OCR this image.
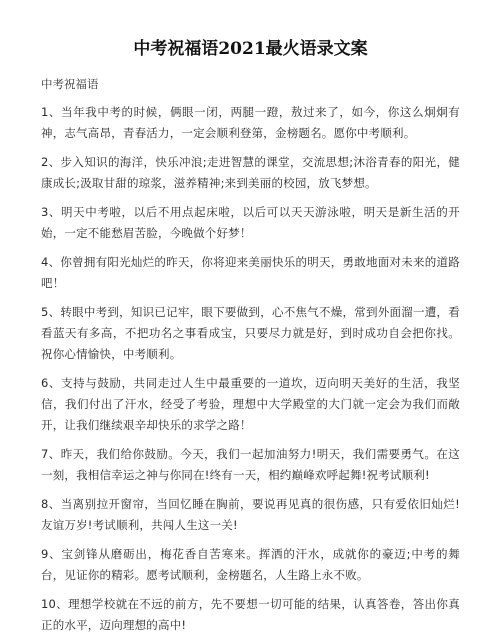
中考祝福语2021最火语录文案
中考祝福语

1、当年我中考的时候，俩眼一闭，两腿一蹬，敖过来了，如今，你这么炯炯有神，志气高昂，青春活力，一定会顺利登第，金榜题名。愿你中考顺利。

2、步入知识的海洋，快乐冲浪;走进智慧的课堂，交流思想;沐浴青春的阳光，健康成长;汲取甘甜的琼浆，滋养精神;来到美丽的校园，放飞梦想。

3、明天中考啦，以后不用点起床啦，以后可以天天游泳啦，明天是新生活的开始，一定不能愁眉苦脸，今晚做个好梦！

4、你曾拥有阳光灿烂的昨天，你将迎来美丽快乐的明天，勇敢地面对未来的道路吧！

5、转眼中考到，知识已记牢，眼下要做到，心不焦气不燥，常到外面溜一遭，看看蓝天有多高，不把功名之事看成宝，只要尽力就是好，到时成功自会把你找。祝你心情愉快，中考顺利。

6、支持与鼓励，共同走过人生中最重要的一道坎，迈向明天美好的生活，我坚信，我们付出了汗水，经受了考验，理想中大学殿堂的大门就一定会为我们而敞开，让我们继续艰辛却快乐的求学之路！

7、昨天，我们给你鼓励。今天，我们一起加油努力!明天，我们需要勇气。在这一刻，我相信幸运之神与你同在!终有一天，相约巅峰欢呼起舞!祝考试顺利!

8、当离别拉开窗帘，当回忆睡在胸前，要说再见真的很伤感，只有爱依旧灿烂!友谊万岁!考试顺利，共闯人生这一关!

9、宝剑锋从磨砺出，梅花香自苦寒来。挥洒的汗水，成就你的豪迈;中考的舞台，见证你的精彩。愿考试顺利，金榜题名，人生路上永不败。

10、理想学校就在不远的前方，先不要想一切可能的结果，认真答卷，答出你真正的水平，迈向理想的高中!
